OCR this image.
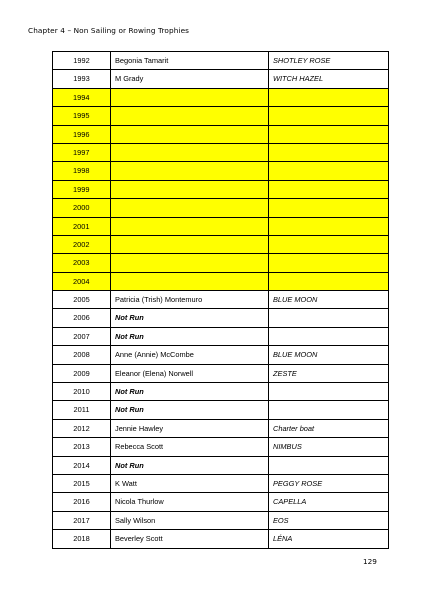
Chapter 4 – Non Sailing or Rowing Trophies
1992	Begonia Tamarit	SHOTLEY ROSE
1993	M Grady	WITCH HAZEL
1994		
1995		
1996		
1997		
1998		
1999		
2000		
2001		
2002		
2003		
2004		
2005	Patricia (Trish) Montemuro	BLUE MOON
2006	Not Run	
2007	Not Run	
2008	Anne (Annie) McCombe	BLUE MOON
2009	Eleanor (Elena) Norwell	ZESTE
2010	Not Run	
2011	Not Run	
2012	Jennie Hawley	Charter boat
2013	Rebecca Scott	NIMBUS
2014	Not Run	
2015	K Watt	PEGGY ROSE
2016	Nicola Thurlow	CAPELLA
2017	Sally Wilson	EOS
2018	Beverley Scott	LÉNA
129
